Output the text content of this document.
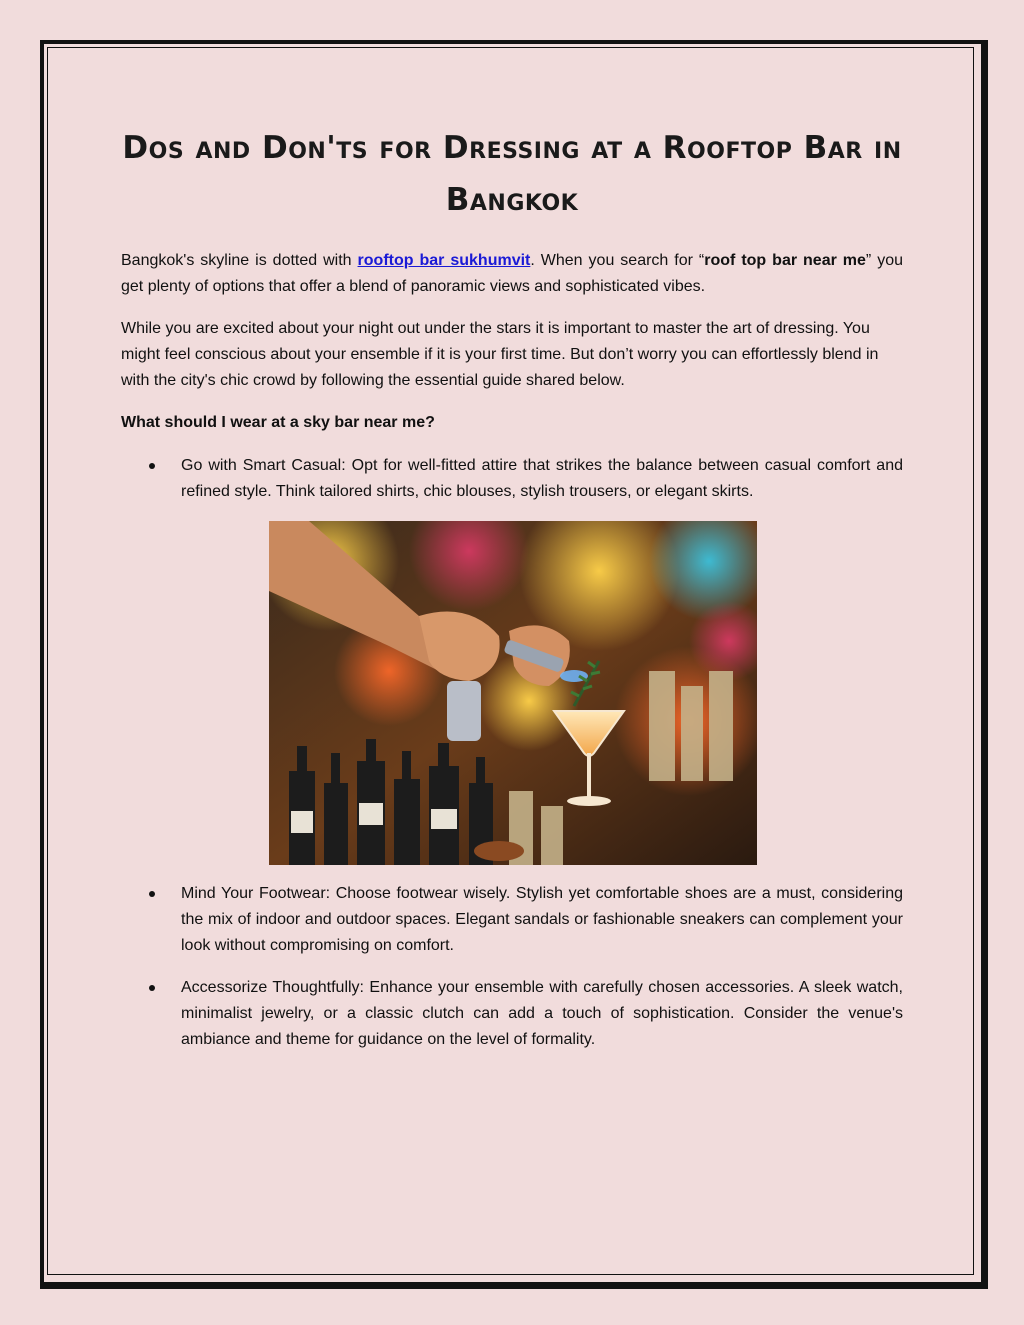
Dos and Don'ts for Dressing at a Rooftop Bar in Bangkok

Bangkok's skyline is dotted with rooftop bar sukhumvit. When you search for “roof top bar near me” you get plenty of options that offer a blend of panoramic views and sophisticated vibes.

While you are excited about your night out under the stars it is important to master the art of dressing. You might feel conscious about your ensemble if it is your first time. But don’t worry you can effortlessly blend in with the city's chic crowd by following the essential guide shared below.

What should I wear at a sky bar near me?

Go with Smart Casual: Opt for well-fitted attire that strikes the balance between casual comfort and refined style. Think tailored shirts, chic blouses, stylish trousers, or elegant skirts.
Mind Your Footwear: Choose footwear wisely. Stylish yet comfortable shoes are a must, considering the mix of indoor and outdoor spaces. Elegant sandals or fashionable sneakers can complement your look without compromising on comfort.
Accessorize Thoughtfully: Enhance your ensemble with carefully chosen accessories. A sleek watch, minimalist jewelry, or a classic clutch can add a touch of sophistication. Consider the venue's ambiance and theme for guidance on the level of formality.
